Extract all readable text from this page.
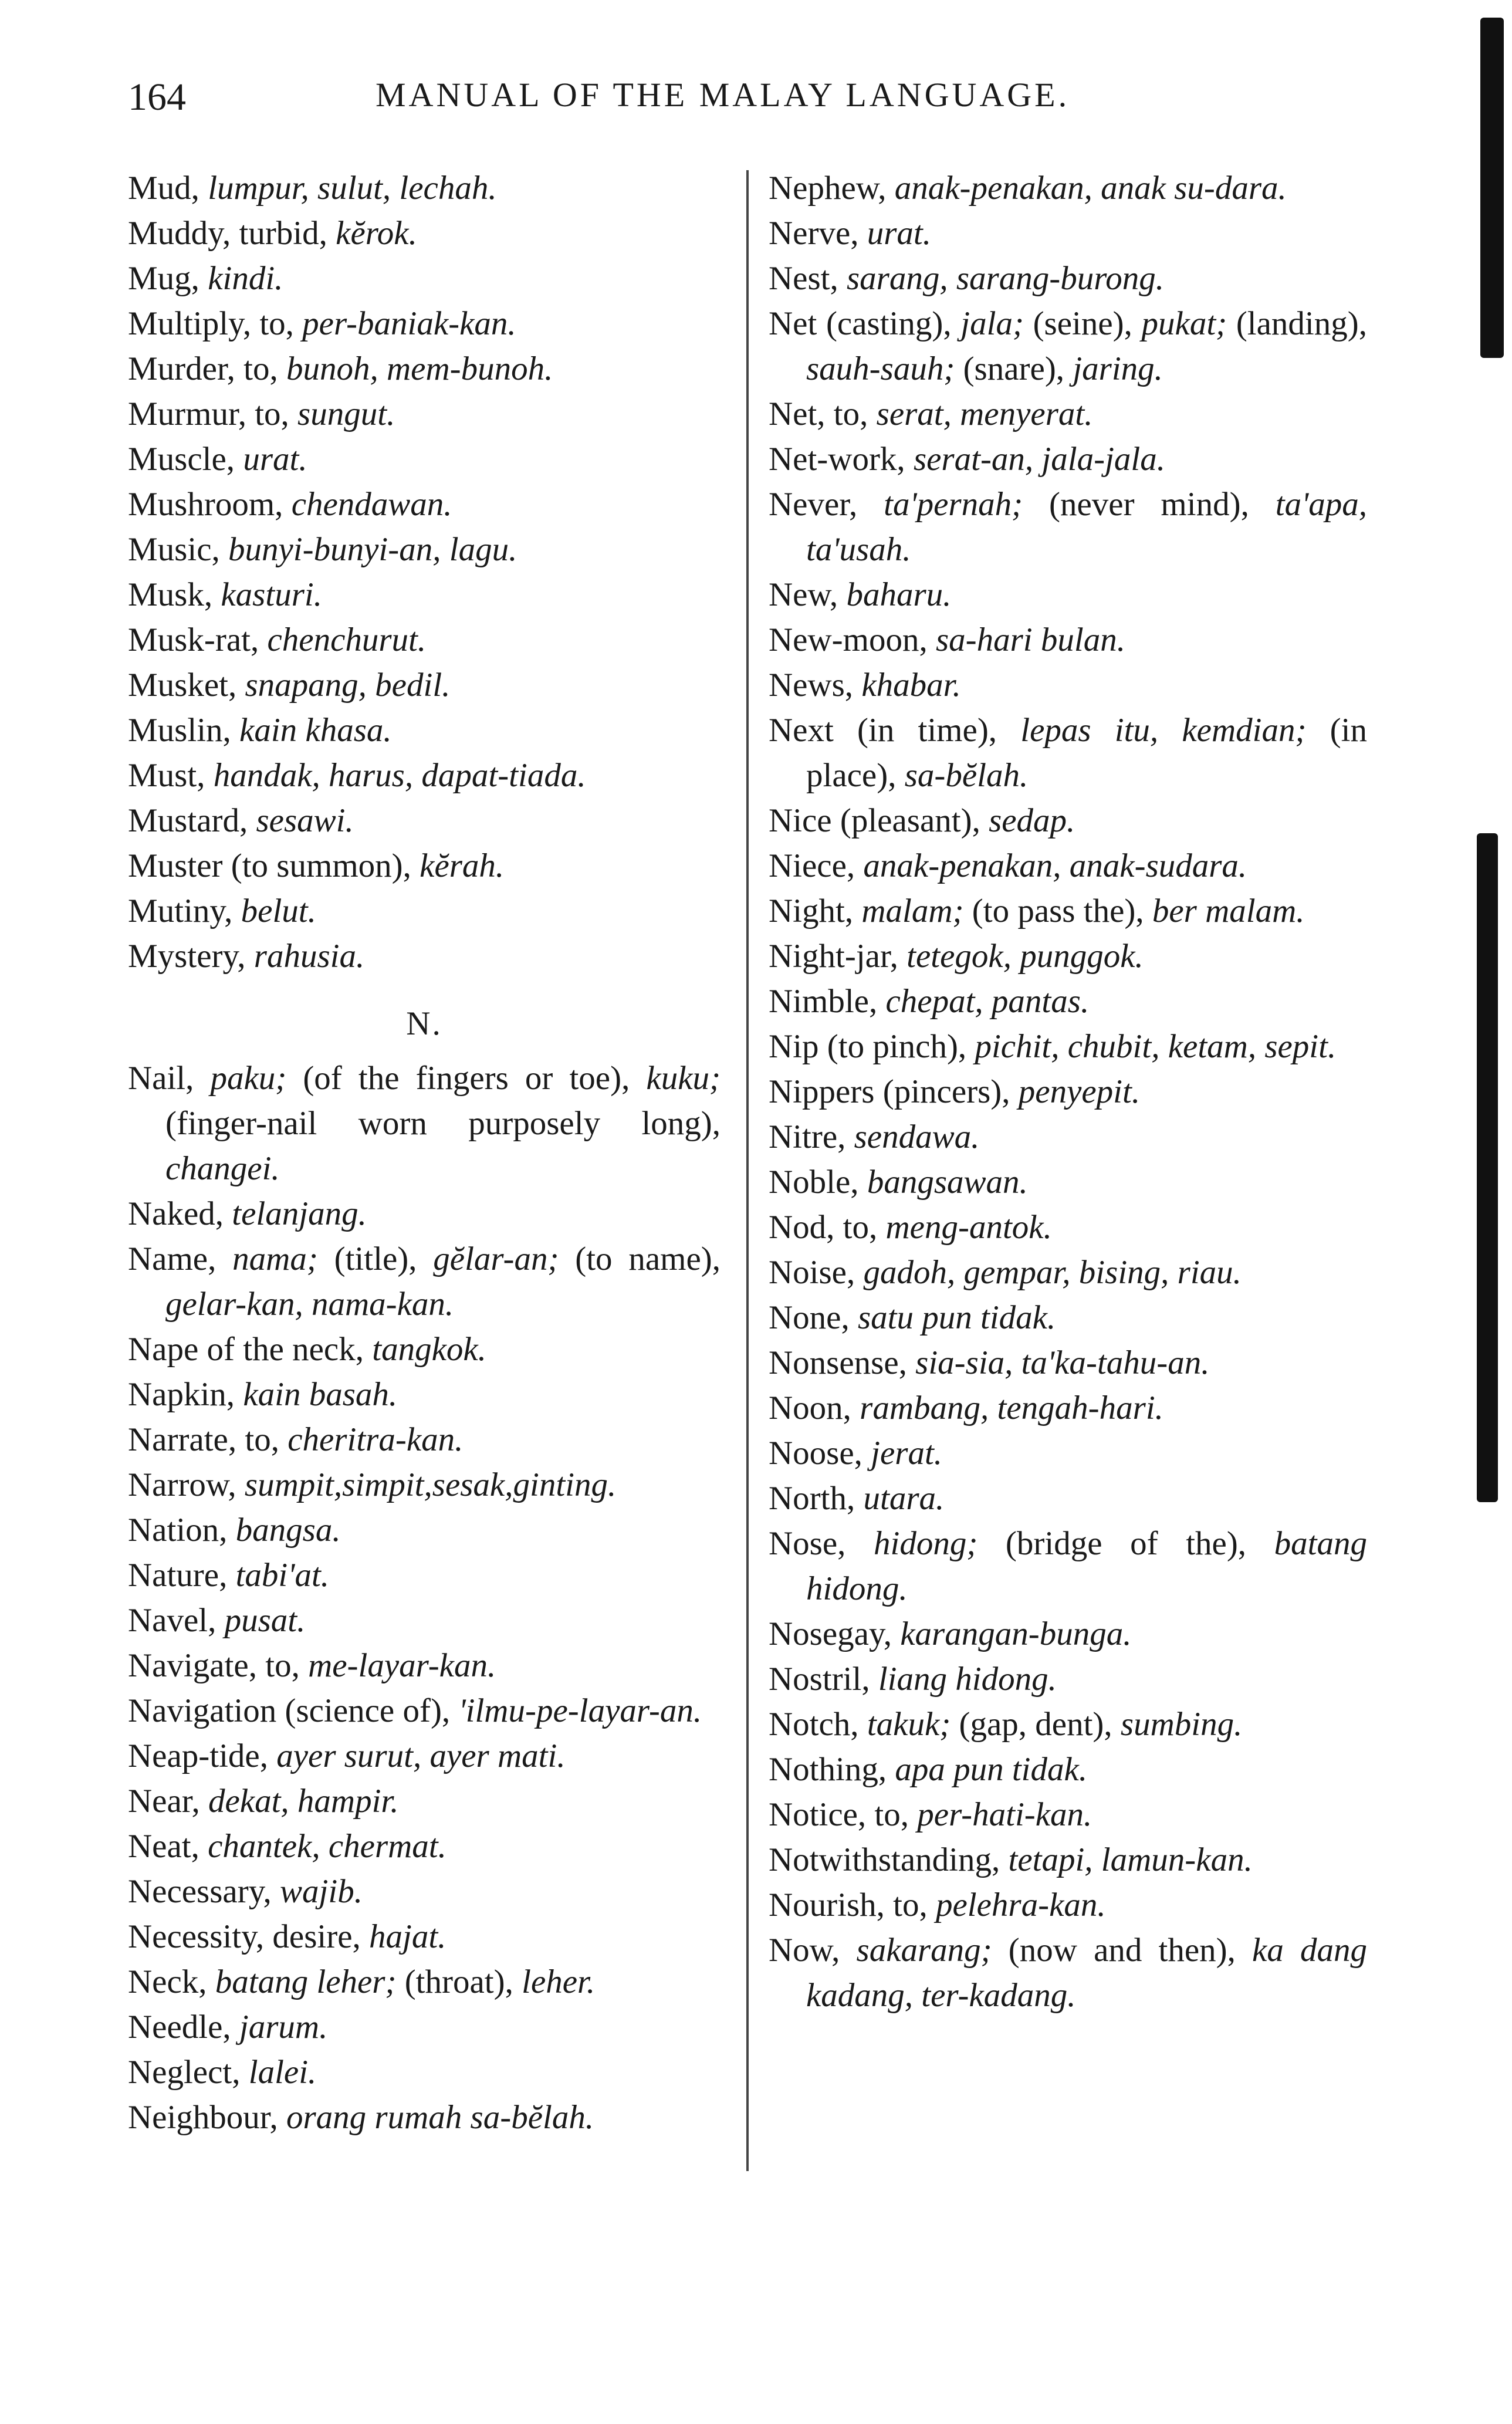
164	MANUAL OF THE MALAY LANGUAGE.
Mud, lumpur, sulut, lechah.
Muddy, turbid, kĕrok.
Mug, kindi.
Multiply, to, per-baniak-kan.
Murder, to, bunoh, mem-bunoh.
Murmur, to, sungut.
Muscle, urat.
Mushroom, chendawan.
Music, bunyi-bunyi-an, lagu.
Musk, kasturi.
Musk-rat, chenchurut.
Musket, snapang, bedil.
Muslin, kain khasa.
Must, handak, harus, dapat-tiada.
Mustard, sesawi.
Muster (to summon), kĕrah.
Mutiny, belut.
Mystery, rahusia.
N.
Nail, paku; (of the fingers or toe), kuku; (finger-nail worn purposely long), changei.
Naked, telanjang.
Name, nama; (title), gĕlar-an; (to name), gelar-kan, nama-kan.
Nape of the neck, tangkok.
Napkin, kain basah.
Narrate, to, cheritra-kan.
Narrow, sumpit,simpit,sesak,ginting.
Nation, bangsa.
Nature, tabi'at.
Navel, pusat.
Navigate, to, me-layar-kan.
Navigation (science of), 'ilmu-pe-layar-an.
Neap-tide, ayer surut, ayer mati.
Near, dekat, hampir.
Neat, chantek, chermat.
Necessary, wajib.
Necessity, desire, hajat.
Neck, batang leher; (throat), leher.
Needle, jarum.
Neglect, lalei.
Neighbour, orang rumah sa-bĕlah.
Nephew, anak-penakan, anak su-dara.
Nerve, urat.
Nest, sarang, sarang-burong.
Net (casting), jala; (seine), pukat; (landing), sauh-sauh; (snare), jaring.
Net, to, serat, menyerat.
Net-work, serat-an, jala-jala.
Never, ta'pernah; (never mind), ta'apa, ta'usah.
New, baharu.
New-moon, sa-hari bulan.
News, khabar.
Next (in time), lepas itu, kemdian; (in place), sa-bĕlah.
Nice (pleasant), sedap.
Niece, anak-penakan, anak-sudara.
Night, malam; (to pass the), ber malam.
Night-jar, tetegok, punggok.
Nimble, chepat, pantas.
Nip (to pinch), pichit, chubit, ketam, sepit.
Nippers (pincers), penyepit.
Nitre, sendawa.
Noble, bangsawan.
Nod, to, meng-antok.
Noise, gadoh, gempar, bising, riau.
None, satu pun tidak.
Nonsense, sia-sia, ta'ka-tahu-an.
Noon, rambang, tengah-hari.
Noose, jerat.
North, utara.
Nose, hidong; (bridge of the), batang hidong.
Nosegay, karangan-bunga.
Nostril, liang hidong.
Notch, takuk; (gap, dent), sumbing.
Nothing, apa pun tidak.
Notice, to, per-hati-kan.
Notwithstanding, tetapi, lamun-kan.
Nourish, to, pelehra-kan.
Now, sakarang; (now and then), ka dang kadang, ter-kadang.
